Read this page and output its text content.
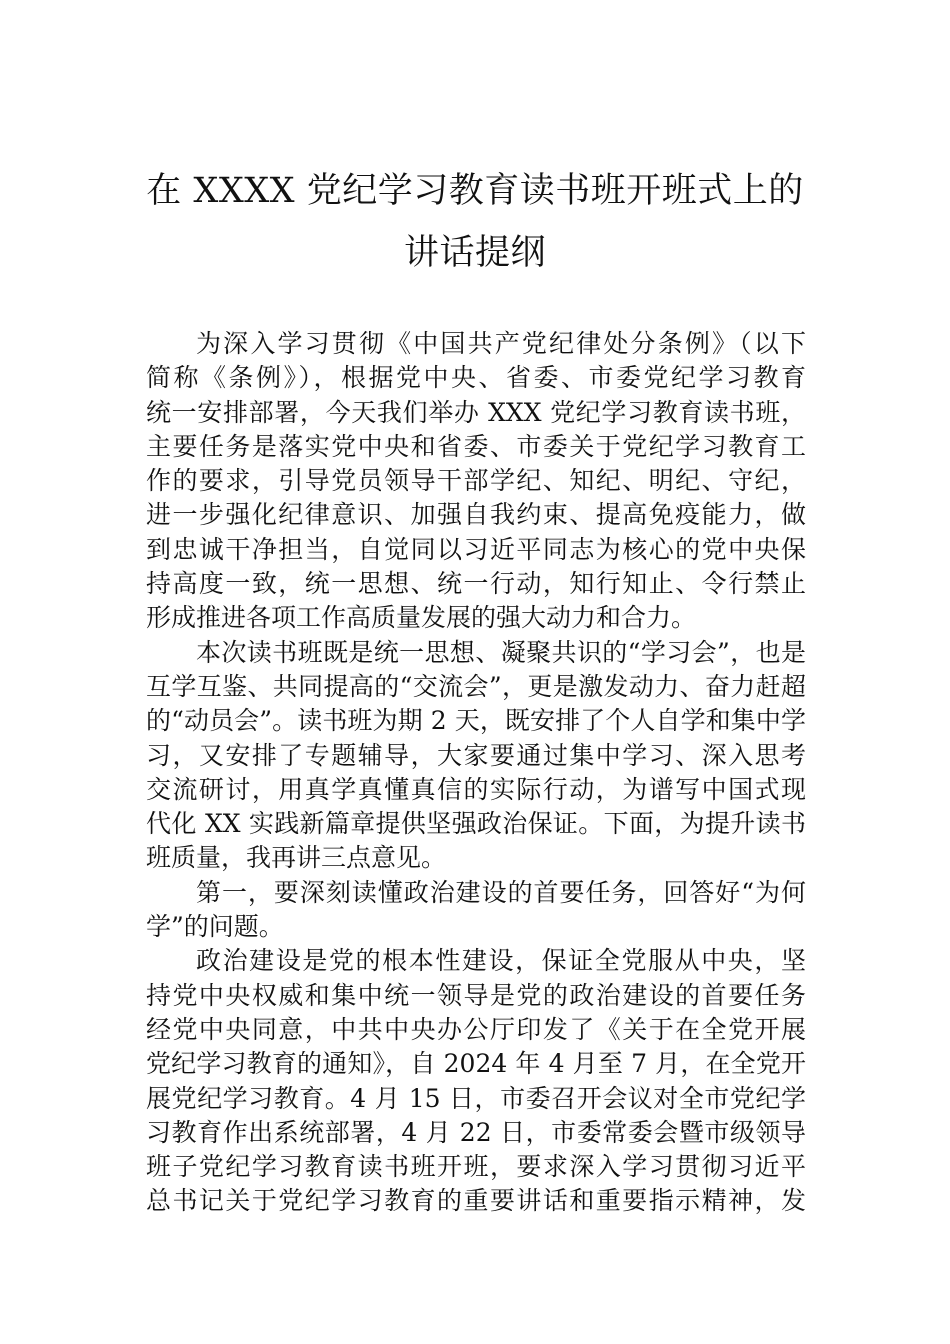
在 XXXX 党纪学习教育读书班开班式上的
讲话提纲
为深入学习贯彻《中国共产党纪律处分条例》（以下
简称《条例》），根据党中央、省委、市委党纪学习教育
统一安排部署，今天我们举办 XXX 党纪学习教育读书班，
主要任务是落实党中央和省委、市委关于党纪学习教育工
作的要求，引导党员领导干部学纪、知纪、明纪、守纪，
进一步强化纪律意识、加强自我约束、提高免疫能力，做
到忠诚干净担当，自觉同以习近平同志为核心的党中央保
持高度一致，统一思想、统一行动，知行知止、令行禁止
形成推进各项工作高质量发展的强大动力和合力。
本次读书班既是统一思想、凝聚共识的“学习会”，也是
互学互鉴、共同提高的“交流会”，更是激发动力、奋力赶超
的“动员会”。读书班为期 2 天，既安排了个人自学和集中学
习，又安排了专题辅导，大家要通过集中学习、深入思考
交流研讨，用真学真懂真信的实际行动，为谱写中国式现
代化 XX 实践新篇章提供坚强政治保证。下面，为提升读书
班质量，我再讲三点意见。
第一，要深刻读懂政治建设的首要任务，回答好“为何
学”的问题。
政治建设是党的根本性建设，保证全党服从中央，坚
持党中央权威和集中统一领导是党的政治建设的首要任务
经党中央同意，中共中央办公厅印发了《关于在全党开展
党纪学习教育的通知》，自 2024 年 4 月至 7 月，在全党开
展党纪学习教育。4 月 15 日，市委召开会议对全市党纪学
习教育作出系统部署，4 月 22 日，市委常委会暨市级领导
班子党纪学习教育读书班开班，要求深入学习贯彻习近平
总书记关于党纪学习教育的重要讲话和重要指示精神，发
